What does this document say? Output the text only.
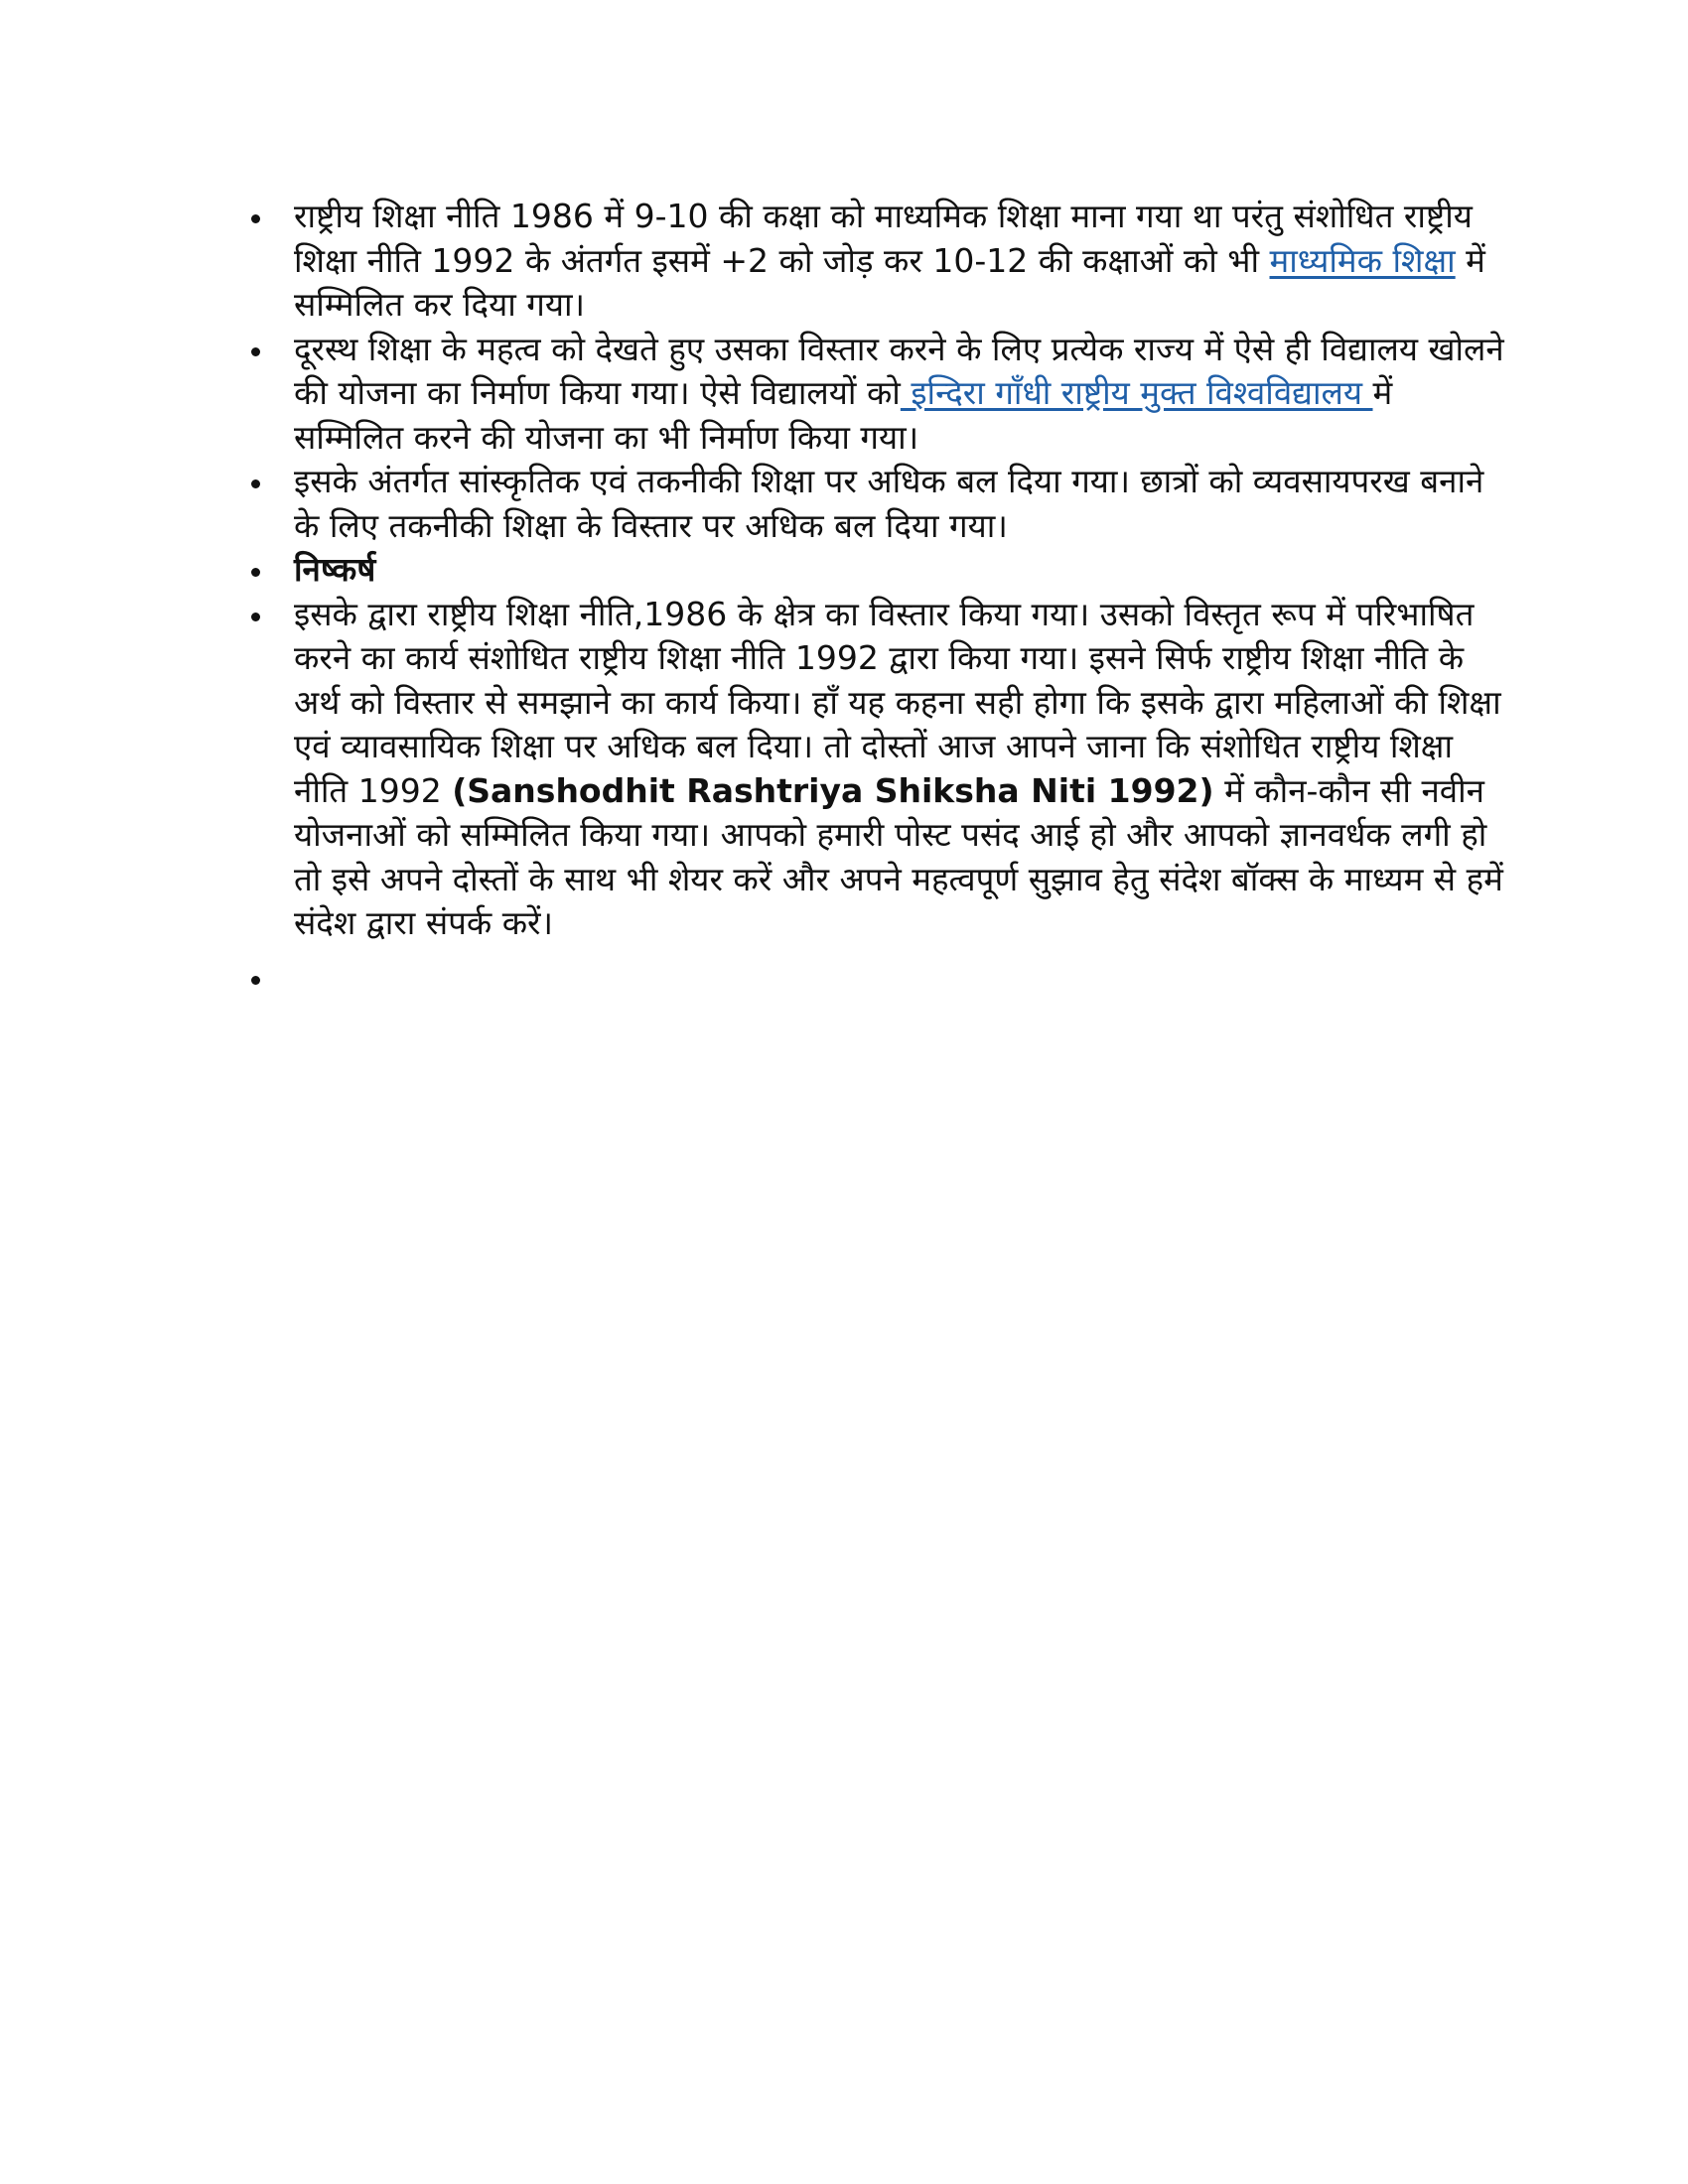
राष्ट्रीय शिक्षा नीति 1986 में 9-10 की कक्षा को माध्यमिक शिक्षा माना गया था परंतु संशोधित राष्ट्रीय शिक्षा नीति 1992 के अंतर्गत इसमें +2 को जोड़ कर 10-12 की कक्षाओं को भी माध्यमिक शिक्षा में सम्मिलित कर दिया गया।
दूरस्थ शिक्षा के महत्व को देखते हुए उसका विस्तार करने के लिए प्रत्येक राज्य में ऐसे ही विद्यालय खोलने की योजना का निर्माण किया गया। ऐसे विद्यालयों को इन्दिरा गाँधी राष्ट्रीय मुक्त विश्वविद्यालय में सम्मिलित करने की योजना का भी निर्माण किया गया।
इसके अंतर्गत सांस्कृतिक एवं तकनीकी शिक्षा पर अधिक बल दिया गया। छात्रों को व्यवसायपरख बनाने के लिए तकनीकी शिक्षा के विस्तार पर अधिक बल दिया गया।
निष्कर्ष
इसके द्वारा राष्ट्रीय शिक्षा नीति,1986 के क्षेत्र का विस्तार किया गया। उसको विस्तृत रूप में परिभाषित करने का कार्य संशोधित राष्ट्रीय शिक्षा नीति 1992 द्वारा किया गया। इसने सिर्फ राष्ट्रीय शिक्षा नीति के अर्थ को विस्तार से समझाने का कार्य किया। हाँ यह कहना सही होगा कि इसके द्वारा महिलाओं की शिक्षा एवं व्यावसायिक शिक्षा पर अधिक बल दिया। तो दोस्तों आज आपने जाना कि संशोधित राष्ट्रीय शिक्षा नीति 1992 (Sanshodhit Rashtriya Shiksha Niti 1992) में कौन-कौन सी नवीन योजनाओं को सम्मिलित किया गया। आपको हमारी पोस्ट पसंद आई हो और आपको ज्ञानवर्धक लगी हो तो इसे अपने दोस्तों के साथ भी शेयर करें और अपने महत्वपूर्ण सुझाव हेतु संदेश बॉक्स के माध्यम से हमें संदेश द्वारा संपर्क करें।
